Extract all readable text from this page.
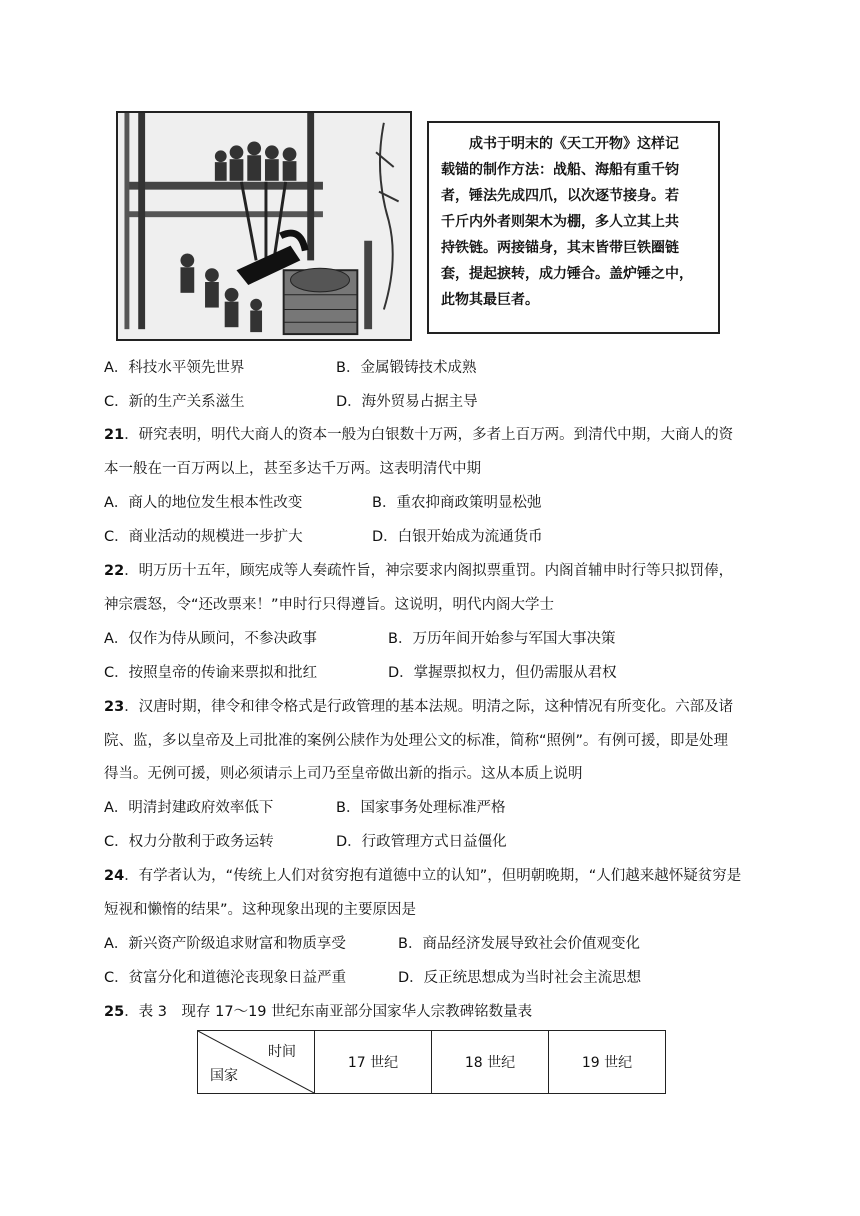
成书于明末的《天工开物》这样记
载锚的制作方法：战船、海船有重千钧
者，锤法先成四爪，以次逐节接身。若
千斤内外者则架木为棚，多人立其上共
持铁链。两接锚身，其末皆带巨铁圈链
套，提起捩转，成力锤合。盖炉锤之中，
此物其最巨者。
A．科技水平领先世界	B．金属锻铸技术成熟
C．新的生产关系滋生	D．海外贸易占据主导
21．研究表明，明代大商人的资本一般为白银数十万两，多者上百万两。到清代中期，大商人的资
本一般在一百万两以上，甚至多达千万两。这表明清代中期
A．商人的地位发生根本性改变	B．重农抑商政策明显松弛
C．商业活动的规模进一步扩大	D．白银开始成为流通货币
22．明万历十五年，顾宪成等人奏疏忤旨，神宗要求内阁拟票重罚。内阁首辅申时行等只拟罚俸，
神宗震怒，令“还改票来！”申时行只得遵旨。这说明，明代内阁大学士
A．仅作为侍从顾问，不参决政事	B．万历年间开始参与军国大事决策
C．按照皇帝的传谕来票拟和批红	D．掌握票拟权力，但仍需服从君权
23．汉唐时期，律令和律令格式是行政管理的基本法规。明清之际，这种情况有所变化。六部及诸
院、监，多以皇帝及上司批准的案例公牍作为处理公文的标准，简称“照例”。有例可援，即是处理
得当。无例可援，则必须请示上司乃至皇帝做出新的指示。这从本质上说明
A．明清封建政府效率低下	B．国家事务处理标准严格
C．权力分散利于政务运转	D．行政管理方式日益僵化
24．有学者认为，“传统上人们对贫穷抱有道德中立的认知”，但明朝晚期，“人们越来越怀疑贫穷是
短视和懒惰的结果”。这种现象出现的主要原因是
A．新兴资产阶级追求财富和物质享受	B．商品经济发展导致社会价值观变化
C．贫富分化和道德沦丧现象日益严重	D．反正统思想成为当时社会主流思想
25．表 3　现存 17～19 世纪东南亚部分国家华人宗教碑铭数量表
时间
国家
	17 世纪	18 世纪	19 世纪
